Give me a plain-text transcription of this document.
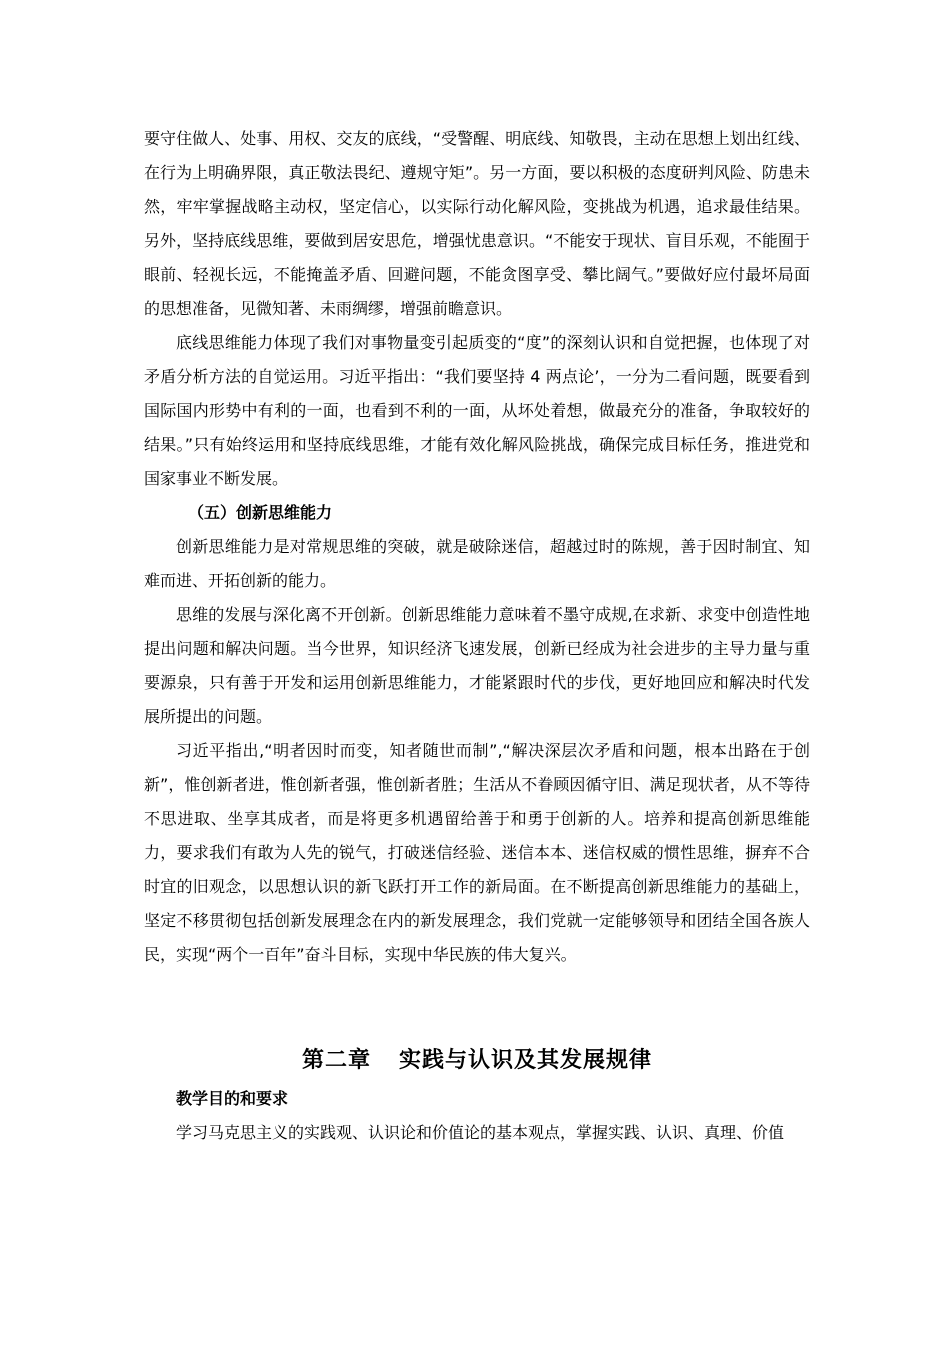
要守住做人、处事、用权、交友的底线，“受警醒、明底线、知敬畏，主动在思想上划出红线、在行为上明确界限，真正敬法畏纪、遵规守矩”。另一方面，要以积极的态度研判风险、防患未然，牢牢掌握战略主动权，坚定信心，以实际行动化解风险，变挑战为机遇，追求最佳结果。另外，坚持底线思维，要做到居安思危，增强忧患意识。“不能安于现状、盲目乐观，不能囿于眼前、轻视长远，不能掩盖矛盾、回避问题，不能贪图享受、攀比阔气。”要做好应付最坏局面的思想准备，见微知著、未雨绸缪，增强前瞻意识。

底线思维能力体现了我们对事物量变引起质变的“度”的深刻认识和自觉把握，也体现了对矛盾分析方法的自觉运用。习近平指出：“我们要坚持 4 两点论’，一分为二看问题，既要看到国际国内形势中有利的一面，也看到不利的一面，从坏处着想，做最充分的准备，争取较好的结果。”只有始终运用和坚持底线思维，才能有效化解风险挑战，确保完成目标任务，推进党和国家事业不断发展。

（五）创新思维能力

创新思维能力是对常规思维的突破，就是破除迷信，超越过时的陈规，善于因时制宜、知难而进、开拓创新的能力。

思维的发展与深化离不开创新。创新思维能力意味着不墨守成规,在求新、求变中创造性地提出问题和解决问题。当今世界，知识经济飞速发展，创新已经成为社会进步的主导力量与重要源泉，只有善于开发和运用创新思维能力，才能紧跟时代的步伐，更好地回应和解决时代发展所提出的问题。

习近平指出,“明者因时而变，知者随世而制”,“解决深层次矛盾和问题，根本出路在于创新”，惟创新者进，惟创新者强，惟创新者胜；生活从不眷顾因循守旧、满足现状者，从不等待不思进取、坐享其成者，而是将更多机遇留给善于和勇于创新的人。培养和提高创新思维能力，要求我们有敢为人先的锐气，打破迷信经验、迷信本本、迷信权威的惯性思维，摒弃不合时宜的旧观念，以思想认识的新飞跃打开工作的新局面。在不断提高创新思维能力的基础上，坚定不移贯彻包括创新发展理念在内的新发展理念，我们党就一定能够领导和团结全国各族人民，实现“两个一百年”奋斗目标，实现中华民族的伟大复兴。

第二章 实践与认识及其发展规律

教学目的和要求

学习马克思主义的实践观、认识论和价值论的基本观点，掌握实践、认识、真理、价值
